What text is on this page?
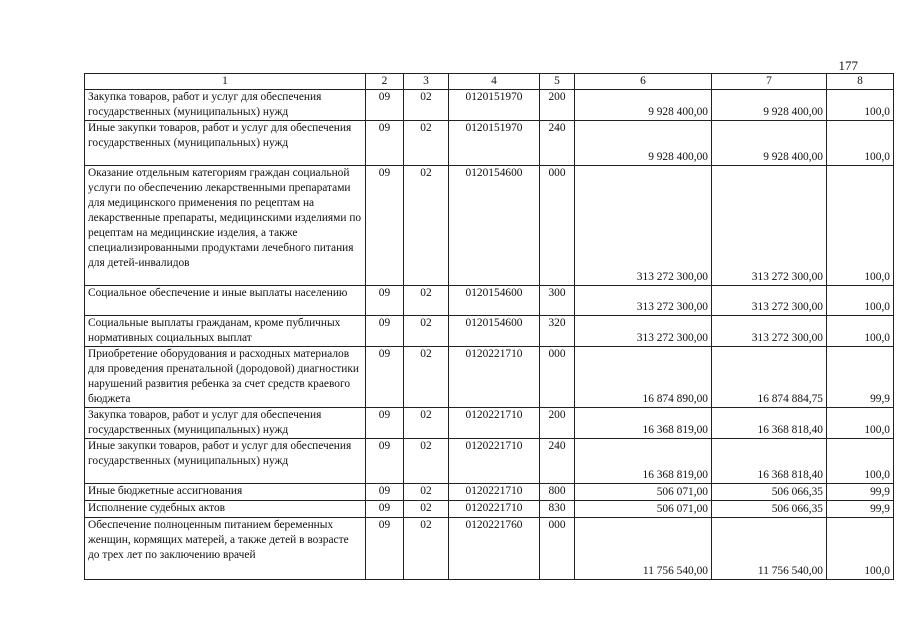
177
1	2	3	4	5	6	7	8
Закупка товаров, работ и услуг для обеспечения государственных (муниципальных) нужд	09	02	0120151970	200	9 928 400,00	9 928 400,00	100,0
Иные закупки товаров, работ и услуг для обеспечения государственных (муниципальных) нужд	09	02	0120151970	240	9 928 400,00	9 928 400,00	100,0
Оказание отдельным категориям граждан социальной услуги по обеспечению лекарственными препаратами для медицинского применения по рецептам на лекарственные препараты, медицинскими изделиями по рецептам на медицинские изделия, а также специализированными продуктами лечебного питания для детей-инвалидов	09	02	0120154600	000	313 272 300,00	313 272 300,00	100,0
Социальное обеспечение и иные выплаты населению	09	02	0120154600	300	313 272 300,00	313 272 300,00	100,0
Социальные выплаты гражданам, кроме публичных нормативных социальных выплат	09	02	0120154600	320	313 272 300,00	313 272 300,00	100,0
Приобретение оборудования и расходных материалов для проведения пренатальной (дородовой) диагностики нарушений развития ребенка за счет средств краевого бюджета	09	02	0120221710	000	16 874 890,00	16 874 884,75	99,9
Закупка товаров, работ и услуг для обеспечения государственных (муниципальных) нужд	09	02	0120221710	200	16 368 819,00	16 368 818,40	100,0
Иные закупки товаров, работ и услуг для обеспечения государственных (муниципальных) нужд	09	02	0120221710	240	16 368 819,00	16 368 818,40	100,0
Иные бюджетные ассигнования	09	02	0120221710	800	506 071,00	506 066,35	99,9
Исполнение судебных актов	09	02	0120221710	830	506 071,00	506 066,35	99,9
Обеспечение полноценным питанием беременных женщин, кормящих матерей, а также детей в возрасте до трех лет по заключению врачей	09	02	0120221760	000	11 756 540,00	11 756 540,00	100,0
